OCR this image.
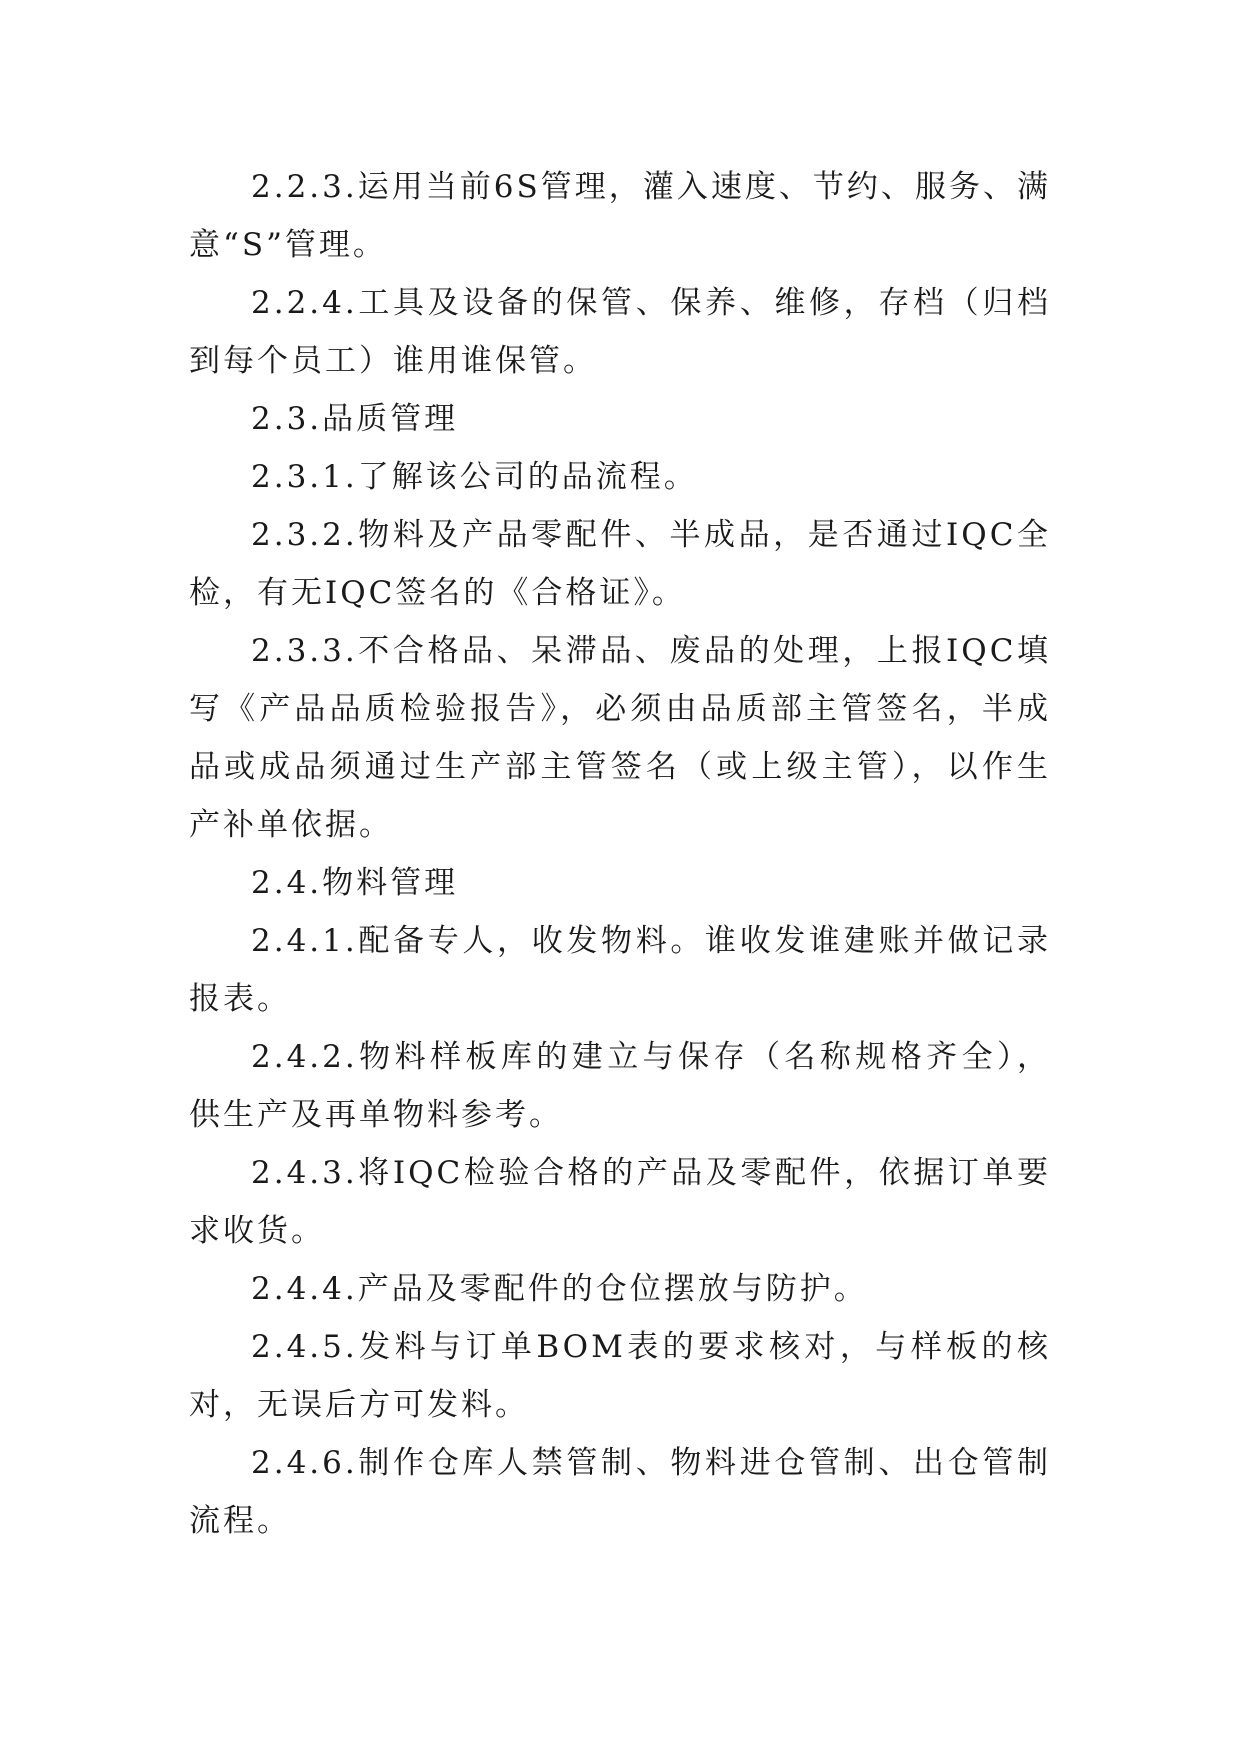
2.2.3.运用当前6S管理，灌入速度、节约、服务、满意“S”管理。

2.2.4.工具及设备的保管、保养、维修，存档（归档到每个员工）谁用谁保管。

2.3.品质管理

2.3.1.了解该公司的品流程。

2.3.2.物料及产品零配件、半成品，是否通过IQC全检，有无IQC签名的《合格证》。

2.3.3.不合格品、呆滞品、废品的处理，上报IQC填写《产品品质检验报告》，必须由品质部主管签名，半成品或成品须通过生产部主管签名（或上级主管），以作生产补单依据。

2.4.物料管理

2.4.1.配备专人，收发物料。谁收发谁建账并做记录报表。

2.4.2.物料样板库的建立与保存（名称规格齐全），供生产及再单物料参考。

2.4.3.将IQC检验合格的产品及零配件，依据订单要求收货。

2.4.4.产品及零配件的仓位摆放与防护。

2.4.5.发料与订单BOM表的要求核对，与样板的核对，无误后方可发料。

2.4.6.制作仓库人禁管制、物料进仓管制、出仓管制流程。
